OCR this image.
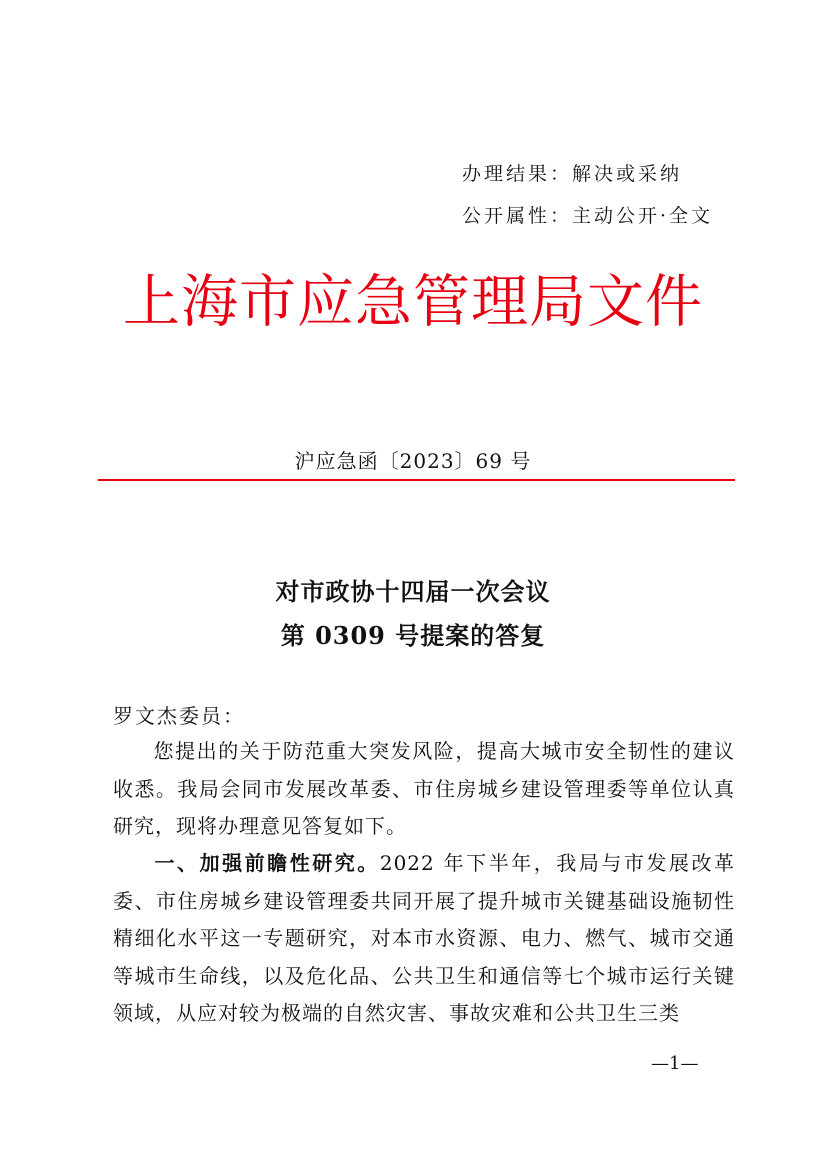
办理结果：解决或采纳
公开属性：主动公开·全文
上海市应急管理局文件
沪应急函〔2023〕69 号
对市政协十四届一次会议
第 0309 号提案的答复
罗文杰委员：
您提出的关于防范重大突发风险，提高大城市安全韧性的建议收悉。我局会同市发展改革委、市住房城乡建设管理委等单位认真研究，现将办理意见答复如下。
一、加强前瞻性研究。2022 年下半年，我局与市发展改革委、市住房城乡建设管理委共同开展了提升城市关键基础设施韧性精细化水平这一专题研究，对本市水资源、电力、燃气、城市交通等城市生命线，以及危化品、公共卫生和通信等七个城市运行关键领域，从应对较为极端的自然灾害、事故灾难和公共卫生三类
—1—
